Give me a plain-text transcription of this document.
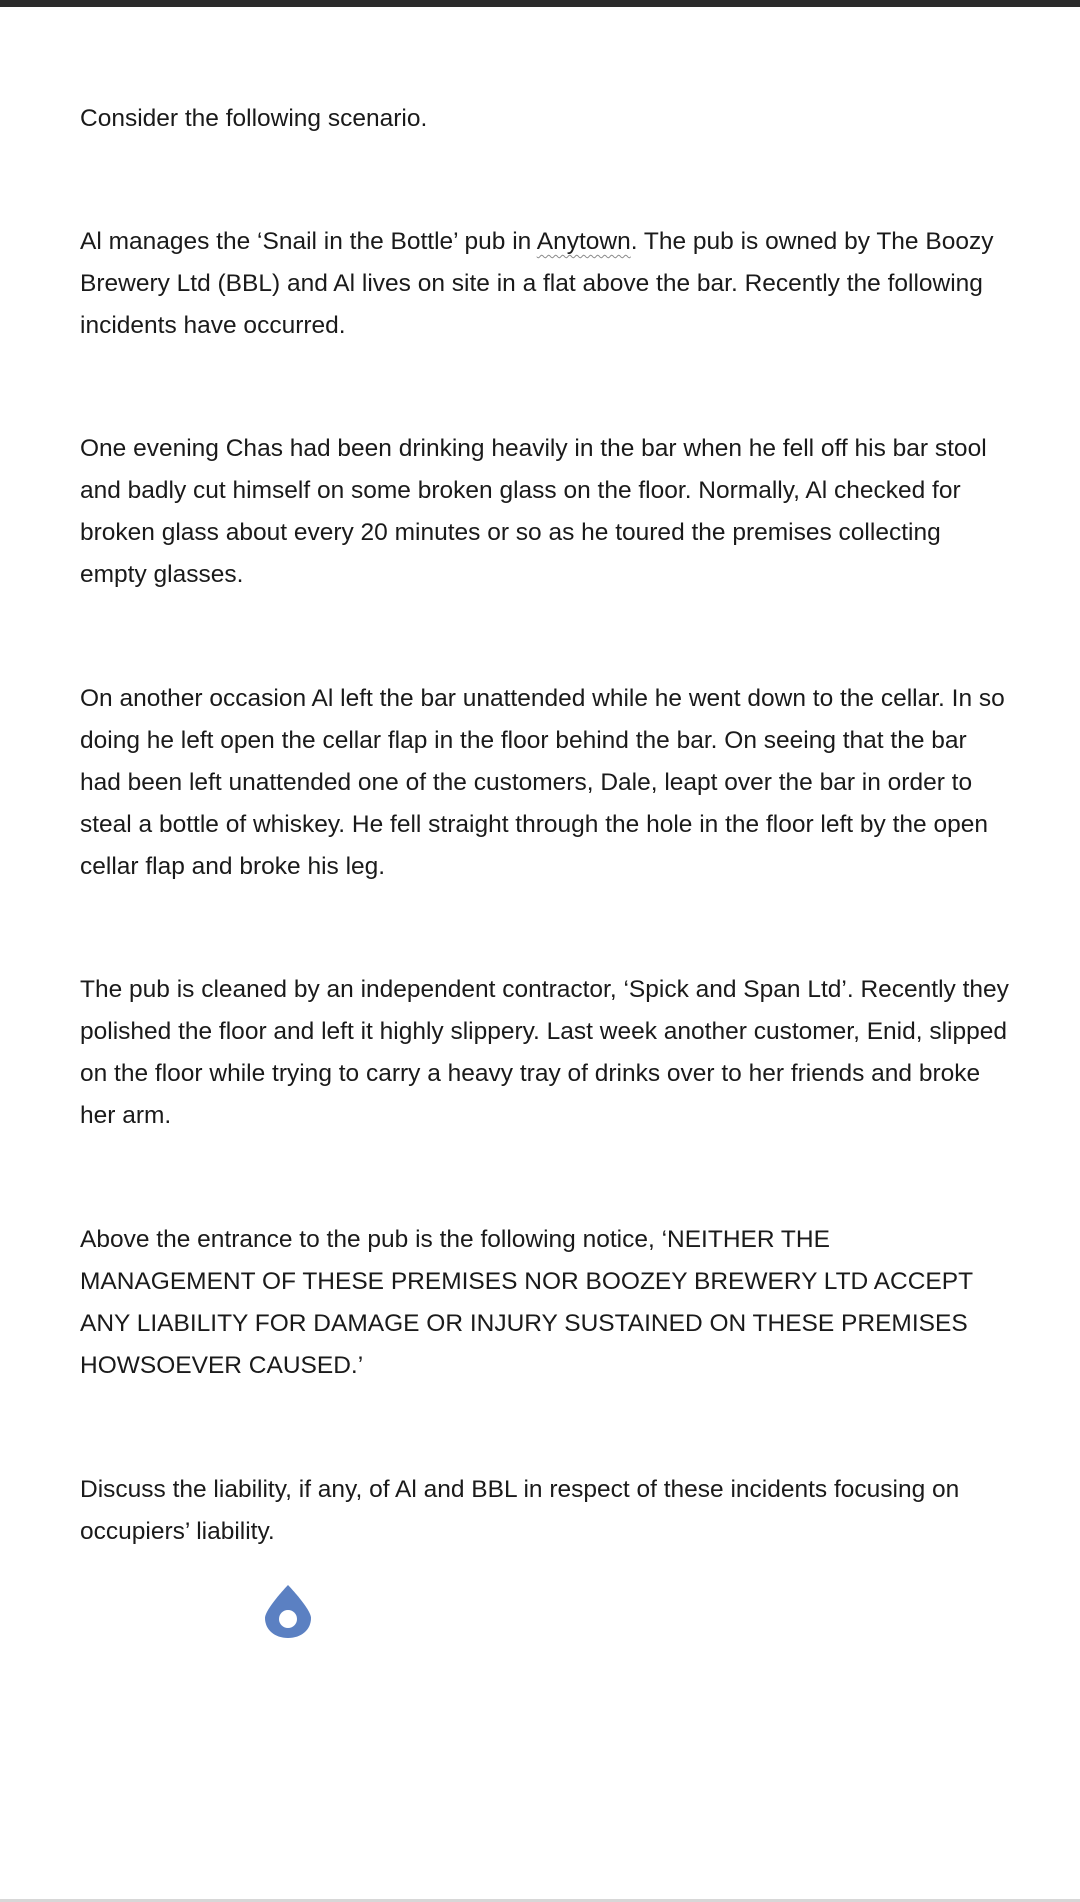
Consider the following scenario.

Al manages the ‘Snail in the Bottle’ pub in Anytown. The pub is owned by The Boozy Brewery Ltd (BBL) and Al lives on site in a flat above the bar. Recently the following incidents have occurred.

One evening Chas had been drinking heavily in the bar when he fell off his bar stool and badly cut himself on some broken glass on the floor. Normally, Al checked for broken glass about every 20 minutes or so as he toured the premises collecting empty glasses.

On another occasion Al left the bar unattended while he went down to the cellar. In so doing he left open the cellar flap in the floor behind the bar. On seeing that the bar had been left unattended one of the customers, Dale, leapt over the bar in order to steal a bottle of whiskey. He fell straight through the hole in the floor left by the open cellar flap and broke his leg.

The pub is cleaned by an independent contractor, ‘Spick and Span Ltd’. Recently they polished the floor and left it highly slippery. Last week another customer, Enid, slipped on the floor while trying to carry a heavy tray of drinks over to her friends and broke her arm.

Above the entrance to the pub is the following notice, ‘NEITHER THE MANAGEMENT OF THESE PREMISES NOR BOOZEY BREWERY LTD ACCEPT ANY LIABILITY FOR DAMAGE OR INJURY SUSTAINED ON THESE PREMISES HOWSOEVER CAUSED.’

Discuss the liability, if any, of Al and BBL in respect of these incidents focusing on occupiers’ liability.
